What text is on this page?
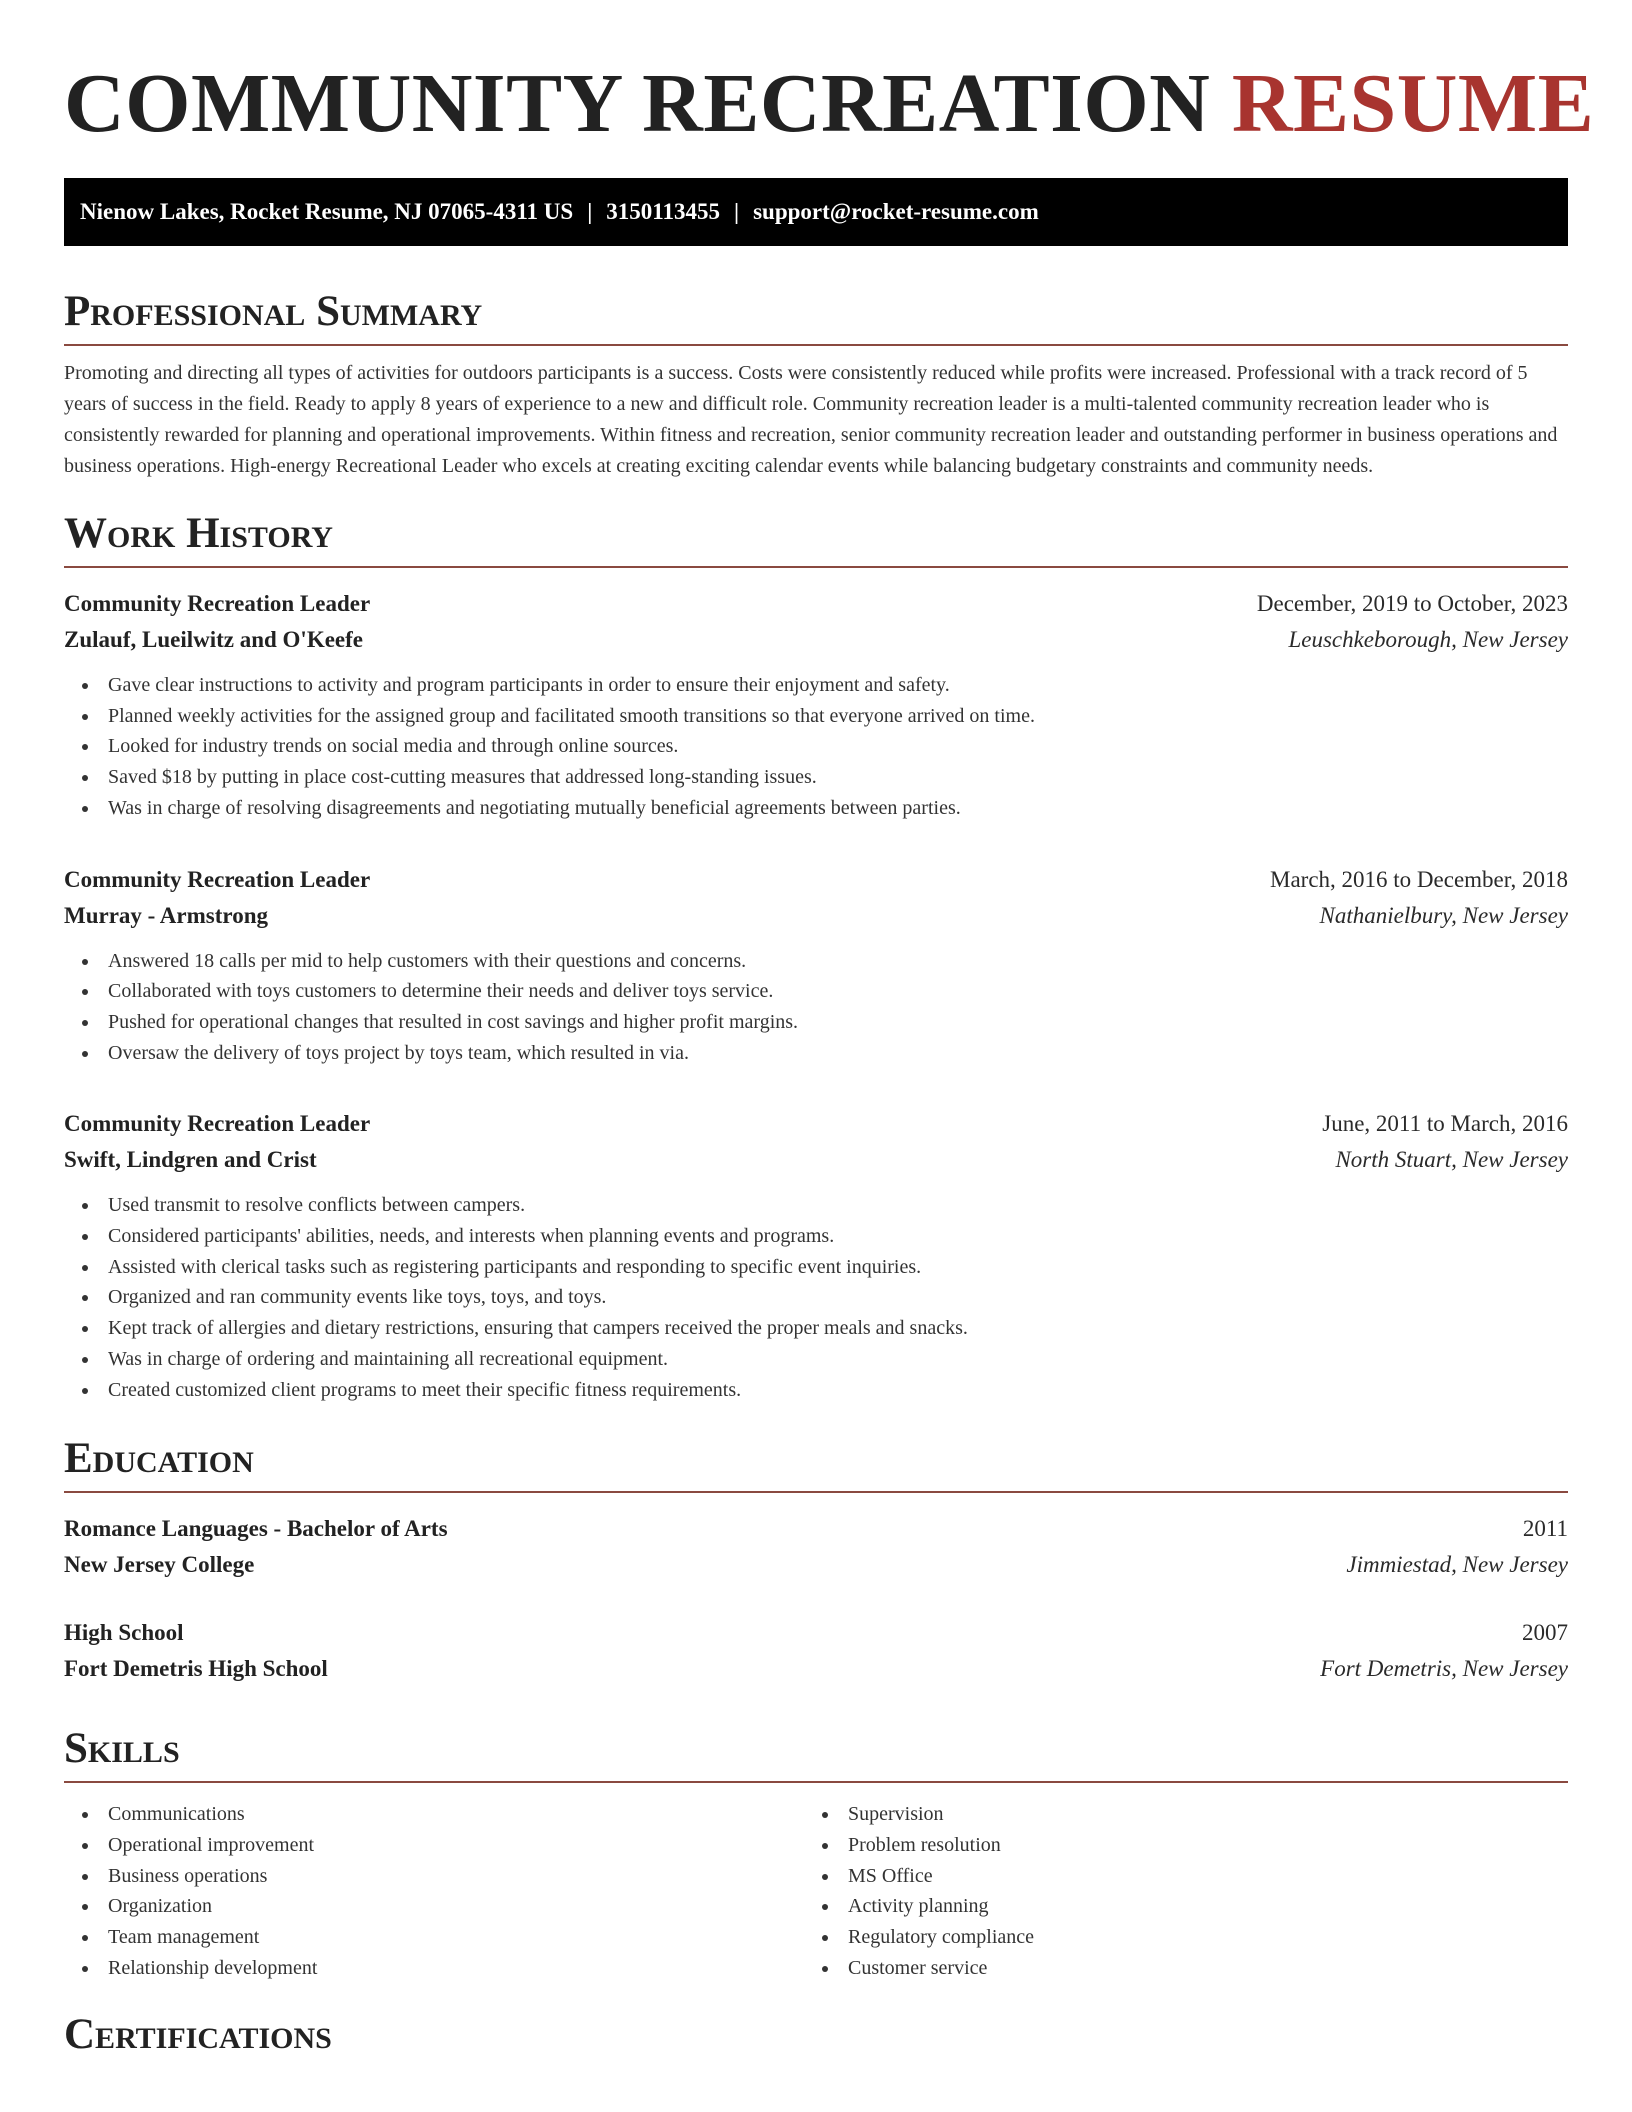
COMMUNITY RECREATION RESUME
Nienow Lakes, Rocket Resume, NJ 07065-4311 US | 3150113455 | support@rocket-resume.com
Professional Summary

Promoting and directing all types of activities for outdoors participants is a success. Costs were consistently reduced while profits were increased. Professional with a track record of 5 years of success in the field. Ready to apply 8 years of experience to a new and difficult role. Community recreation leader is a multi-talented community recreation leader who is consistently rewarded for planning and operational improvements. Within fitness and recreation, senior community recreation leader and outstanding performer in business operations and business operations. High-energy Recreational Leader who excels at creating exciting calendar events while balancing budgetary constraints and community needs.

Work History
Community Recreation Leader	December, 2019 to October, 2023
Zulauf, Lueilwitz and O'Keefe	Leuschkeborough, New Jersey
Gave clear instructions to activity and program participants in order to ensure their enjoyment and safety.
Planned weekly activities for the assigned group and facilitated smooth transitions so that everyone arrived on time.
Looked for industry trends on social media and through online sources.
Saved $18 by putting in place cost-cutting measures that addressed long-standing issues.
Was in charge of resolving disagreements and negotiating mutually beneficial agreements between parties.
Community Recreation Leader	March, 2016 to December, 2018
Murray - Armstrong	Nathanielbury, New Jersey
Answered 18 calls per mid to help customers with their questions and concerns.
Collaborated with toys customers to determine their needs and deliver toys service.
Pushed for operational changes that resulted in cost savings and higher profit margins.
Oversaw the delivery of toys project by toys team, which resulted in via.
Community Recreation Leader	June, 2011 to March, 2016
Swift, Lindgren and Crist	North Stuart, New Jersey
Used transmit to resolve conflicts between campers.
Considered participants' abilities, needs, and interests when planning events and programs.
Assisted with clerical tasks such as registering participants and responding to specific event inquiries.
Organized and ran community events like toys, toys, and toys.
Kept track of allergies and dietary restrictions, ensuring that campers received the proper meals and snacks.
Was in charge of ordering and maintaining all recreational equipment.
Created customized client programs to meet their specific fitness requirements.
Education
Romance Languages - Bachelor of Arts	2011
New Jersey College	Jimmiestad, New Jersey
High School	2007
Fort Demetris High School	Fort Demetris, New Jersey
Skills
Communications
Operational improvement
Business operations
Organization
Team management
Relationship development
Supervision
Problem resolution
MS Office
Activity planning
Regulatory compliance
Customer service
Certifications
